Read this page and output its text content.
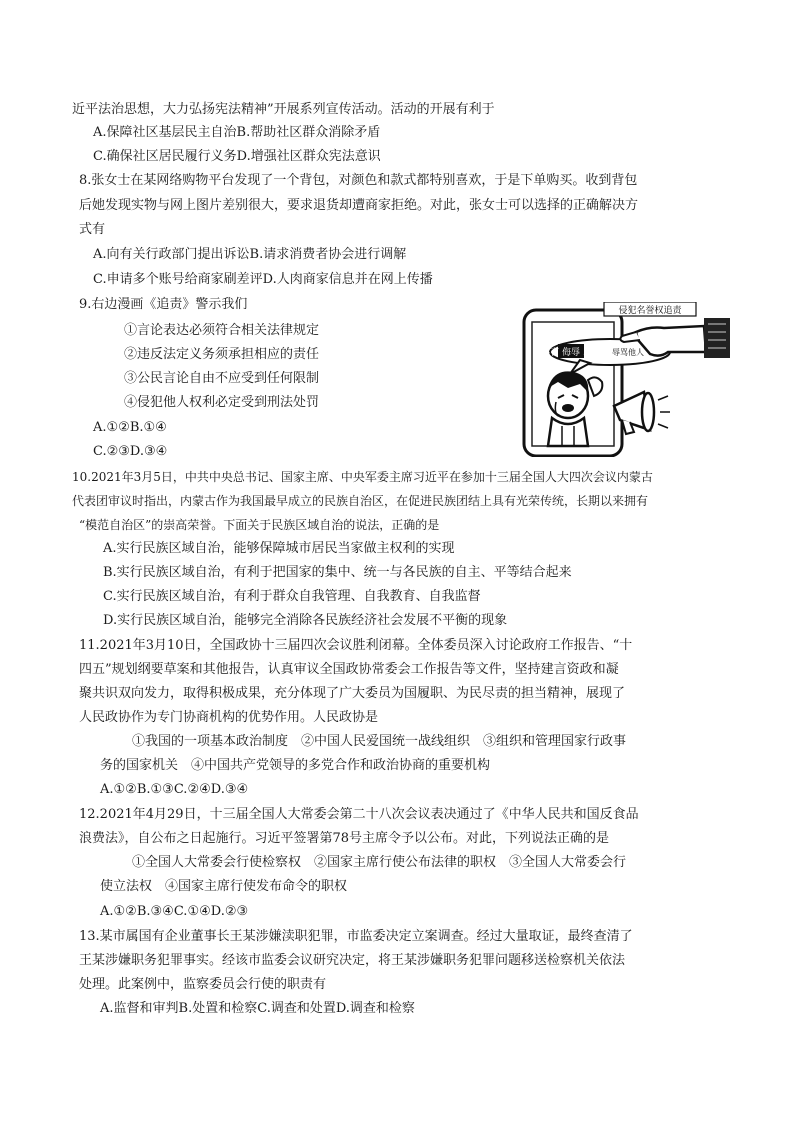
近平法治思想，大力弘扬宪法精神”开展系列宣传活动。活动的开展有利于
A.保障社区基层民主自治B.帮助社区群众消除矛盾
C.确保社区居民履行义务D.增强社区群众宪法意识
8.张女士在某网络购物平台发现了一个背包，对颜色和款式都特别喜欢，于是下单购买。收到背包
后她发现实物与网上图片差别很大，要求退货却遭商家拒绝。对此，张女士可以选择的正确解决方
式有
A.向有关行政部门提出诉讼B.请求消费者协会进行调解
C.申请多个账号给商家刷差评D.人肉商家信息并在网上传播
9.右边漫画《追责》警示我们
①言论表达必须符合相关法律规定
②违反法定义务须承担相应的责任
③公民言论自由不应受到任何限制
④侵犯他人权利必定受到刑法处罚
A.①②B.①④
C.②③D.③④
谣言 侮辱 …… 辱骂他人
侵犯名誉权追责
10.2021年3月5日，中共中央总书记、国家主席、中央军委主席习近平在参加十三届全国人大四次会议内蒙古
代表团审议时指出，内蒙古作为我国最早成立的民族自治区，在促进民族团结上具有光荣传统，长期以来拥有
“模范自治区”的崇高荣誉。下面关于民族区域自治的说法，正确的是
A.实行民族区域自治，能够保障城市居民当家做主权利的实现
B.实行民族区域自治，有利于把国家的集中、统一与各民族的自主、平等结合起来
C.实行民族区域自治，有利于群众自我管理、自我教育、自我监督
D.实行民族区域自治，能够完全消除各民族经济社会发展不平衡的现象
11.2021年3月10日，全国政协十三届四次会议胜利闭幕。全体委员深入讨论政府工作报告、“十
四五”规划纲要草案和其他报告，认真审议全国政协常委会工作报告等文件，坚持建言资政和凝
聚共识双向发力，取得积极成果，充分体现了广大委员为国履职、为民尽责的担当精神，展现了
人民政协作为专门协商机构的优势作用。人民政协是
①我国的一项基本政治制度　②中国人民爱国统一战线组织　③组织和管理国家行政事
务的国家机关　④中国共产党领导的多党合作和政治协商的重要机构
A.①②B.①③C.②④D.③④
12.2021年4月29日，十三届全国人大常委会第二十八次会议表决通过了《中华人民共和国反食品
浪费法》，自公布之日起施行。习近平签署第78号主席令予以公布。对此，下列说法正确的是
①全国人大常委会行使检察权　②国家主席行使公布法律的职权　③全国人大常委会行
使立法权　④国家主席行使发布命令的职权
A.①②B.③④C.①④D.②③
13.某市属国有企业董事长王某涉嫌渎职犯罪，市监委决定立案调查。经过大量取证，最终查清了
王某涉嫌职务犯罪事实。经该市监委会议研究决定，将王某涉嫌职务犯罪问题移送检察机关依法
处理。此案例中，监察委员会行使的职责有
A.监督和审判B.处置和检察C.调查和处置D.调查和检察
